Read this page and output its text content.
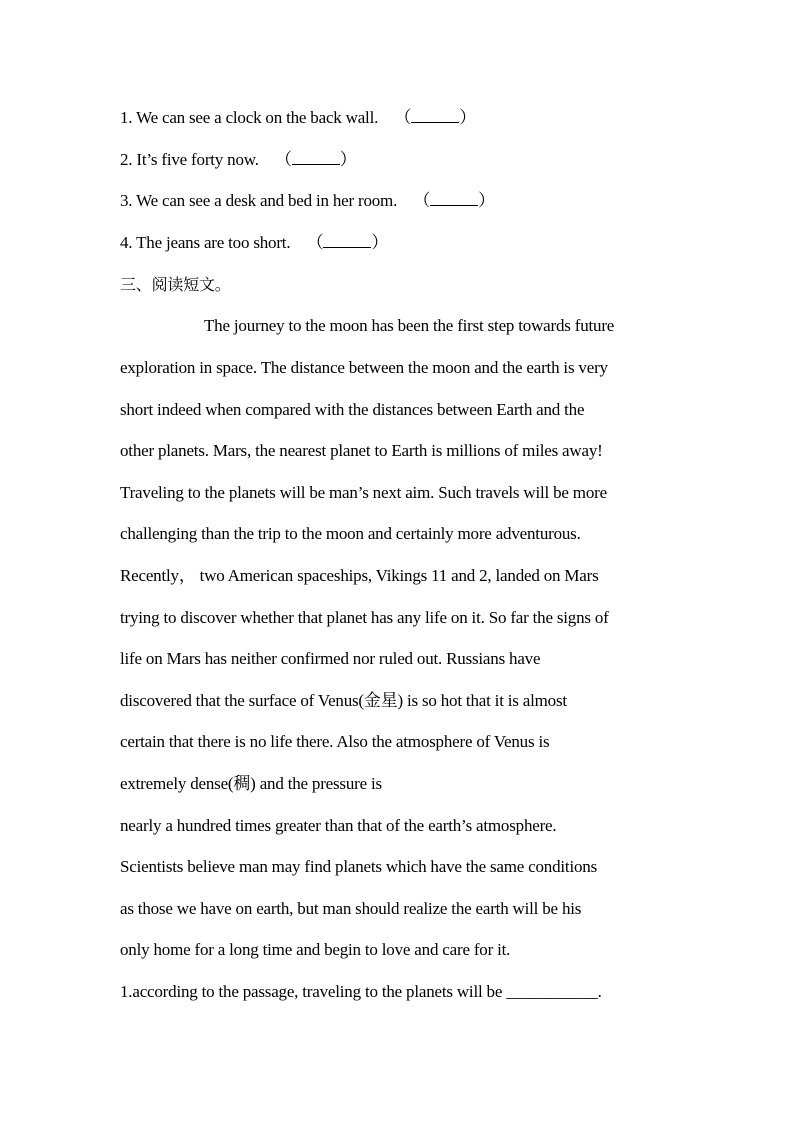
1. We can see a clock on the back wall. （	）
2. It’s five forty now. （	）
3. We can see a desk and bed in her room. （	）
4. The jeans are too short. （	）
三、阅读短文。
The journey to the moon has been the first step towards future
exploration in space. The distance between the moon and the earth is very
short indeed when compared with the distances between Earth and the
other planets. Mars, the nearest planet to Earth is millions of miles away!
Traveling to the planets will be man’s next aim. Such travels will be more
challenging than the trip to the moon and certainly more adventurous.
Recently， two American spaceships, Vikings 11 and 2, landed on Mars
trying to discover whether that planet has any life on it. So far the signs of
life on Mars has neither confirmed nor ruled out. Russians have
discovered that the surface of Venus(金星) is so hot that it is almost
certain that there is no life there. Also the atmosphere of Venus is
extremely dense(稠) and the pressure is
nearly a hundred times greater than that of the earth’s atmosphere.
Scientists believe man may find planets which have the same conditions
as those we have on earth, but man should realize the earth will be his
only home for a long time and begin to love and care for it.
1.according to the passage, traveling to the planets will be ___________.
